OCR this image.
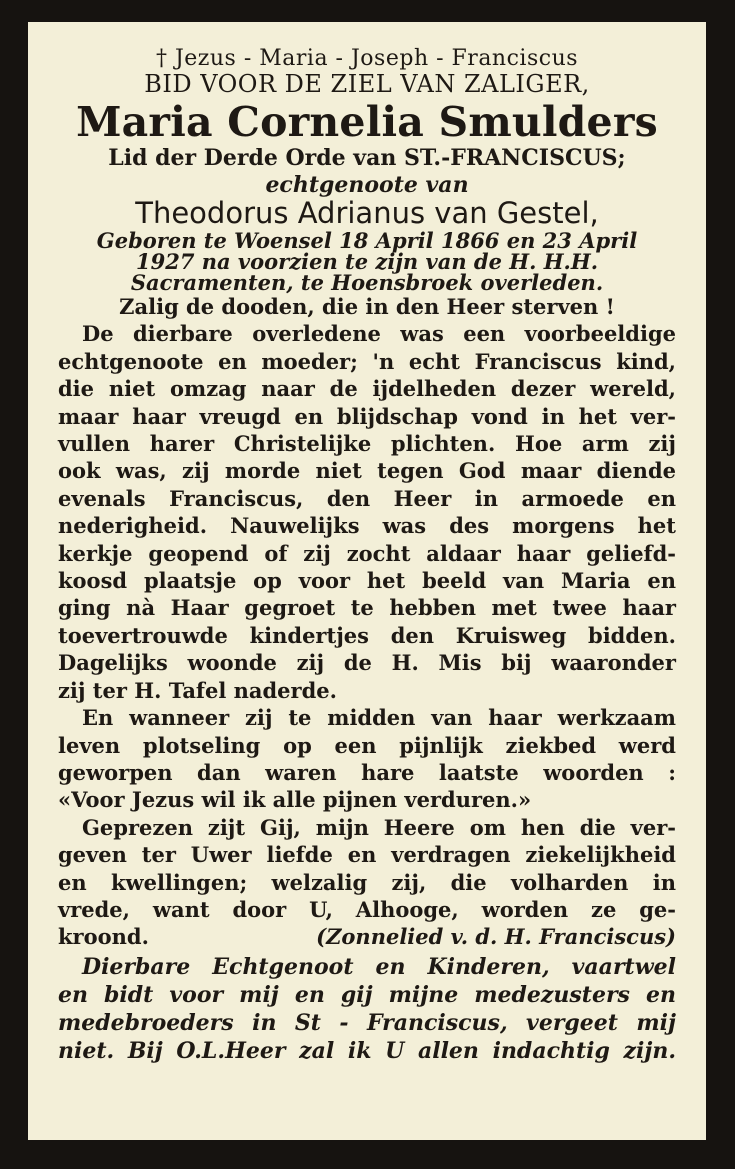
† Jezus - Maria - Joseph - Franciscus
BID VOOR DE ZIEL VAN ZALIGER,
Maria Cornelia Smulders
Lid der Derde Orde van ST.-FRANCISCUS;
echtgenoote van
Theodorus Adrianus van Gestel,
Geboren te Woensel 18 April 1866 en 23 April
1927 na voorzien te zijn van de H. H.H.
Sacramenten, te Hoensbroek overleden.
Zalig de dooden, die in den Heer sterven !
De dierbare overledene was een voorbeeldige
echtgenoote en moeder; 'n echt Franciscus kind,
die niet omzag naar de ijdelheden dezer wereld,
maar haar vreugd en blijdschap vond in het ver-
vullen harer Christelijke plichten. Hoe arm zij
ook was, zij morde niet tegen God maar diende
evenals Franciscus, den Heer in armoede en
nederigheid. Nauwelijks was des morgens het
kerkje geopend of zij zocht aldaar haar geliefd-
koosd plaatsje op voor het beeld van Maria en
ging nà Haar gegroet te hebben met twee haar
toevertrouwde kindertjes den Kruisweg bidden.
Dagelijks woonde zij de H. Mis bij waaronder
zij ter H. Tafel naderde.
En wanneer zij te midden van haar werkzaam
leven plotseling op een pijnlijk ziekbed werd
geworpen dan waren hare laatste woorden :
«Voor Jezus wil ik alle pijnen verduren.»
Geprezen zijt Gij, mijn Heere om hen die ver-
geven ter Uwer liefde en verdragen ziekelijkheid
en kwellingen; welzalig zij, die volharden in
vrede, want door U, Alhooge, worden ze ge-
kroond.	(Zonnelied v. d. H. Franciscus)
Dierbare Echtgenoot en Kinderen, vaartwel
en bidt voor mij en gij mijne medezusters en
medebroeders in St - Franciscus, vergeet mij
niet. Bij O.L.Heer zal ik U allen indachtig zijn.
